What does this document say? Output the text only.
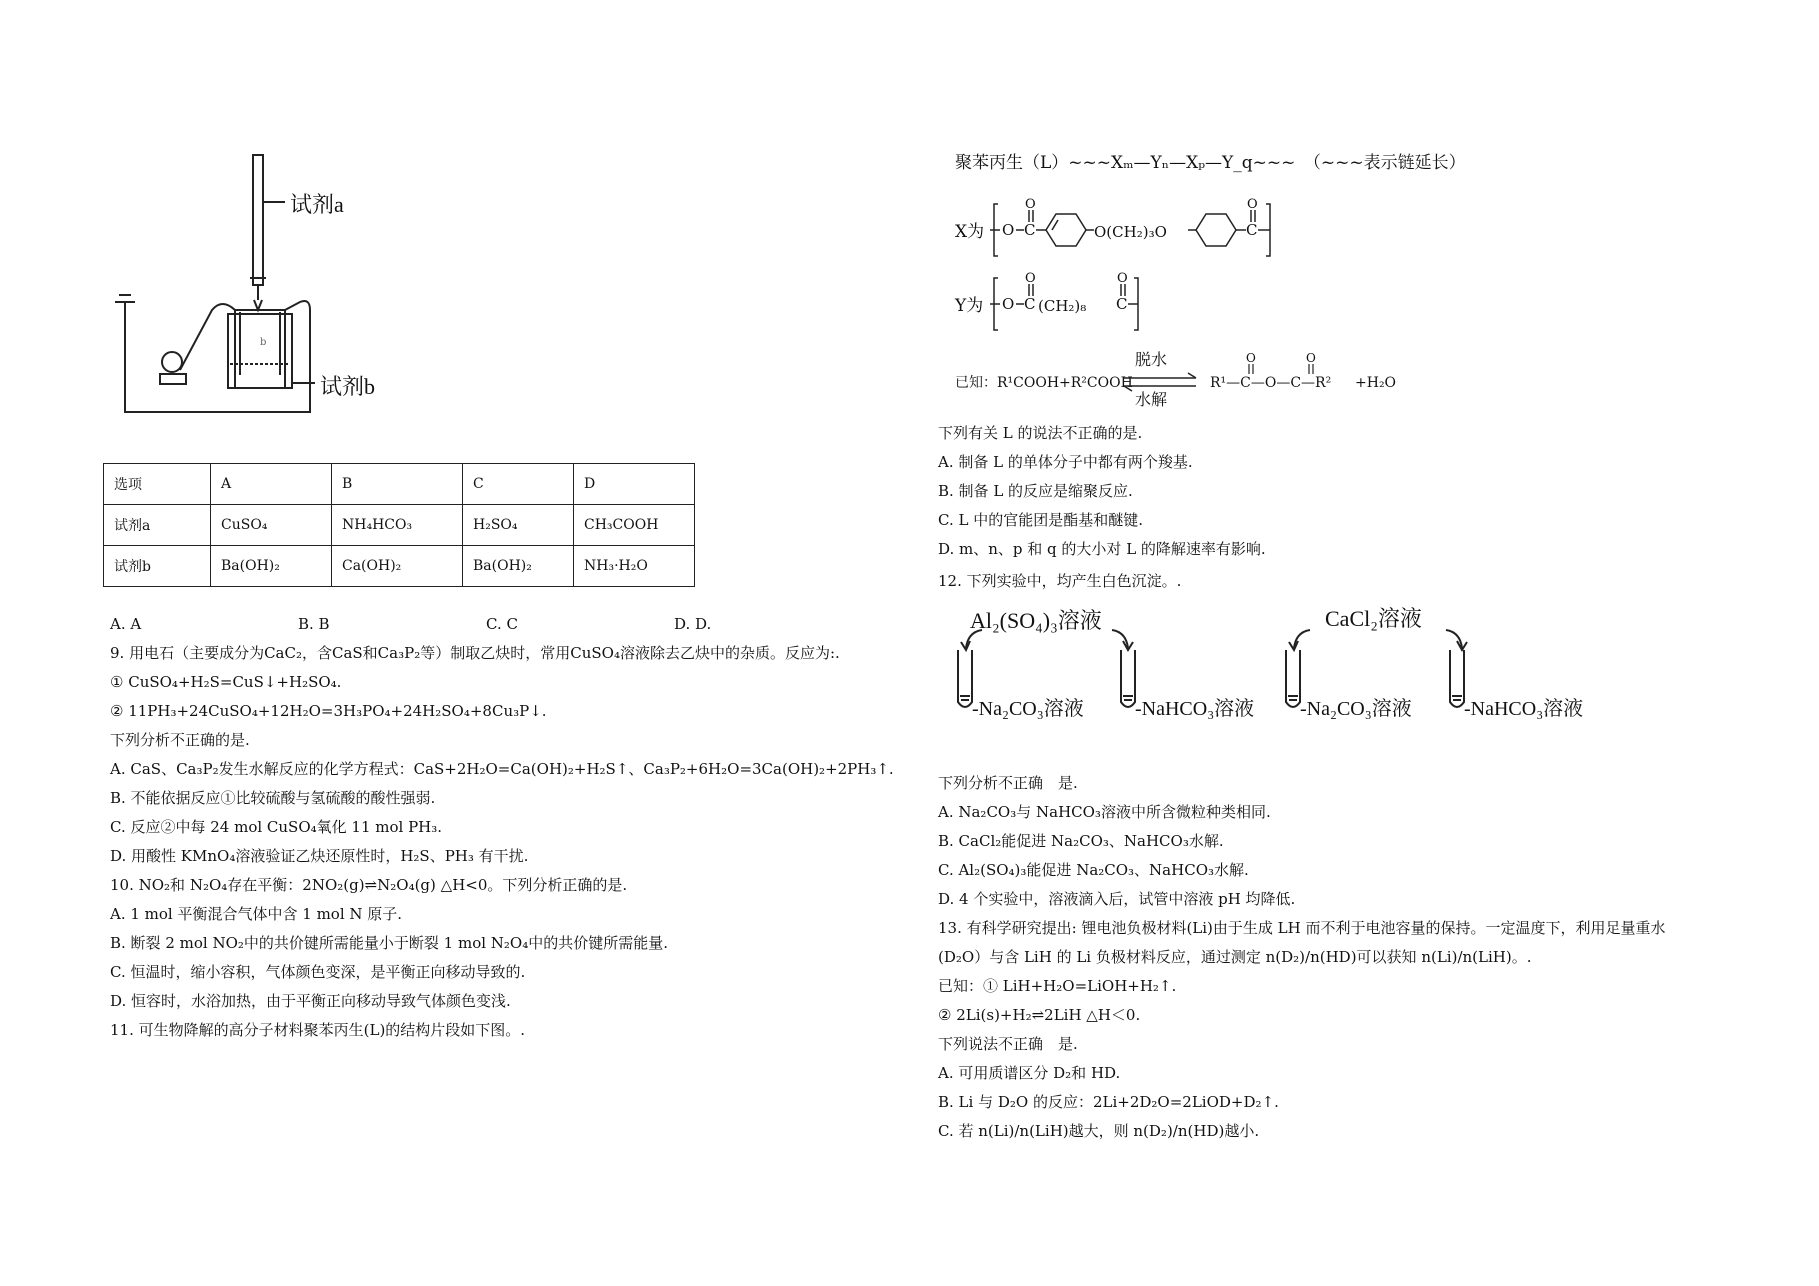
试剂a
试剂b
b
选项	A	B	C	D
试剂a	CuSO₄	NH₄HCO₃	H₂SO₄	CH₃COOH
试剂b	Ba(OH)₂	Ca(OH)₂	Ba(OH)₂	NH₃·H₂O
A. A	B. B	C. C	D. D.
9. 用电石（主要成分为CaC₂，含CaS和Ca₃P₂等）制取乙炔时，常用CuSO₄溶液除去乙炔中的杂质。反应为:.
① CuSO₄+H₂S=CuS↓+H₂SO₄.
② 11PH₃+24CuSO₄+12H₂O=3H₃PO₄+24H₂SO₄+8Cu₃P↓.
下列分析不正确的是.
A. CaS、Ca₃P₂发生水解反应的化学方程式：CaS+2H₂O=Ca(OH)₂+H₂S↑、Ca₃P₂+6H₂O=3Ca(OH)₂+2PH₃↑.
B. 不能依据反应①比较硫酸与氢硫酸的酸性强弱.
C. 反应②中每 24 mol CuSO₄氧化 11 mol PH₃.
D. 用酸性 KMnO₄溶液验证乙炔还原性时，H₂S、PH₃ 有干扰.
10. NO₂和 N₂O₄存在平衡：2NO₂(g)⇌N₂O₄(g) △H<0。下列分析正确的是.
A. 1 mol 平衡混合气体中含 1 mol N 原子.
B. 断裂 2 mol NO₂中的共价键所需能量小于断裂 1 mol N₂O₄中的共价键所需能量.
C. 恒温时，缩小容积，气体颜色变深，是平衡正向移动导致的.
D. 恒容时，水浴加热，由于平衡正向移动导致气体颜色变浅.
11. 可生物降解的高分子材料聚苯丙生(L)的结构片段如下图。.
聚苯丙生（L）~~~Xₘ—Yₙ—Xₚ—Y_q~~~　（~~~表示链延长）
X为 O C
O
C
O
O(CH₂)₃O
Y为 O C
O
C
O
(CH₂)₈
已知：R¹COOH+R²COOH
脱水
水解
R¹—C—O—C—R²
O	O
+H₂O
下列有关 L 的说法不正确的是.
A. 制备 L 的单体分子中都有两个羧基.
B. 制备 L 的反应是缩聚反应.
C. L 中的官能团是酯基和醚键.
D. m、n、p 和 q 的大小对 L 的降解速率有影响.
12. 下列实验中，均产生白色沉淀。.
Al₂(SO₄)₃溶液	CaCl₂溶液
-Na₂CO₃溶液	-NaHCO₃溶液 -Na₂CO₃溶液	-NaHCO₃溶液
下列分析不正确　是.
A. Na₂CO₃与 NaHCO₃溶液中所含微粒种类相同.
B. CaCl₂能促进 Na₂CO₃、NaHCO₃水解.
C. Al₂(SO₄)₃能促进 Na₂CO₃、NaHCO₃水解.
D. 4 个实验中，溶液滴入后，试管中溶液 pH 均降低.
13. 有科学研究提出: 锂电池负极材料(Li)由于生成 LH 而不利于电池容量的保持。一定温度下，利用足量重水
(D₂O）与含 LiH 的 Li 负极材料反应，通过测定 n(D₂)/n(HD)可以获知 n(Li)/n(LiH)。.
已知：① LiH+H₂O=LiOH+H₂↑.
② 2Li(s)+H₂⇌2LiH △H＜0.
下列说法不正确　是.
A. 可用质谱区分 D₂和 HD.
B. Li 与 D₂O 的反应：2Li+2D₂O=2LiOD+D₂↑.
C. 若 n(Li)/n(LiH)越大，则 n(D₂)/n(HD)越小.
